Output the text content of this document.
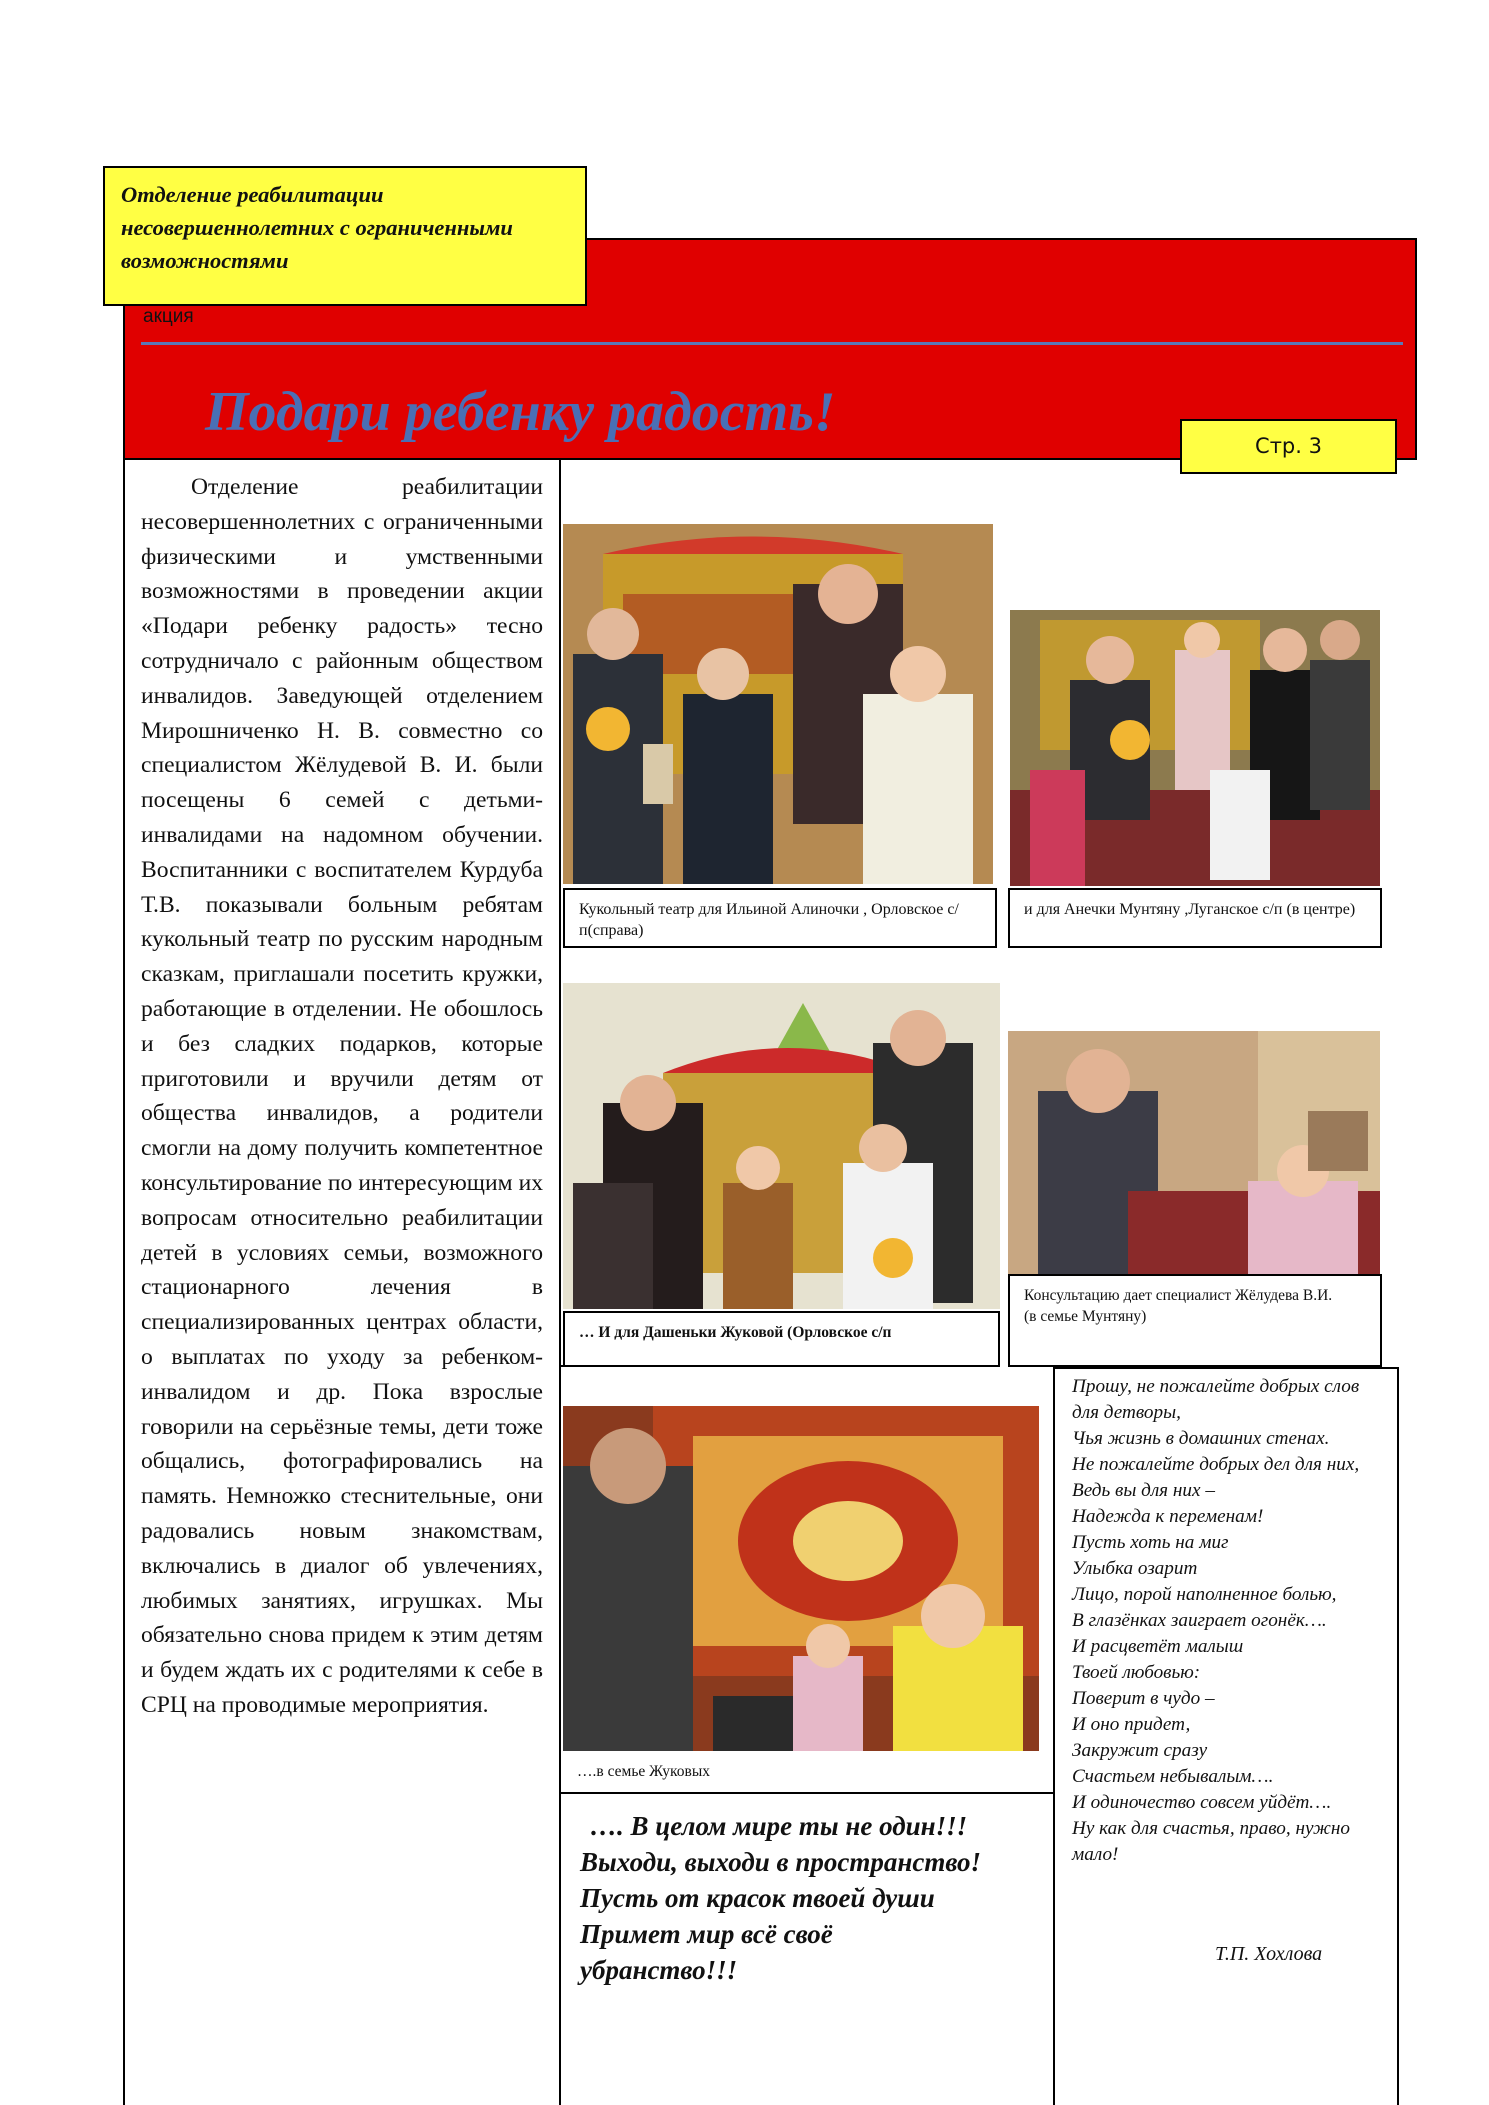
Отделение реабилитации несовершеннолетних с ограниченными возможностями
акция
Подари ребенку радость!
Стр. 3
Отделение реабилитации несовершеннолетних с ограниченными физическими и умственными возможностями в проведении акции «Подари ребенку радость» тесно сотрудничало с районным обществом инвалидов. Заведующей отделением Мирошниченко Н. В. совместно со специалистом Жёлудевой В. И. были посещены 6 семей с детьми-инвалидами на надомном обучении. Воспитанники с воспитателем Курдуба Т.В. показывали больным ребятам кукольный театр по русским народным сказкам, приглашали посетить кружки, работающие в отделении. Не обошлось и без сладких подарков, которые приготовили и вручили детям от общества инвалидов, а родители смогли на дому получить компетентное консультирование по интересующим их вопросам относительно реабилитации детей в условиях семьи, возможного стационарного лечения в специализированных центрах области, о выплатах по уходу за ребенком-инвалидом и др. Пока взрослые говорили на серьёзные темы, дети тоже общались, фотографировались на память. Немножко стеснительные, они радовались новым знакомствам, включались в диалог об увлечениях, любимых занятиях, игрушках. Мы обязательно снова придем к этим детям и будем ждать их с родителями к себе в СРЦ на проводимые мероприятия.
Кукольный театр для Ильиной Алиночки , Орловское с/п(справа)
и для Анечки Мунтяну ,Луганское с/п (в центре)
… И для Дашеньки Жуковой (Орловское с/п
Консультацию дает специалист Жёлудева В.И.
(в семье Мунтяну)
….в семье Жуковых

…. В целом мире ты не один!!!

Выходи, выходи в пространство!

Пусть от красок твоей души

Примет мир всё своё

убранство!!!

Прошу, не пожалейте добрых слов для детворы,

Чья жизнь в домашних стенах.

Не пожалейте добрых дел для них,

Ведь вы для них –

Надежда к переменам!

Пусть хоть на миг

Улыбка озарит

Лицо, порой наполненное болью,

В глазёнках заиграет огонёк….

И расцветёт малыш

Твоей любовью:

Поверит в чудо –

И оно придет,

Закружит сразу

Счастьем небывалым….

И одиночество совсем уйдёт….

Ну как для счастья, право, нужно мало!

Т.П. Хохлова
